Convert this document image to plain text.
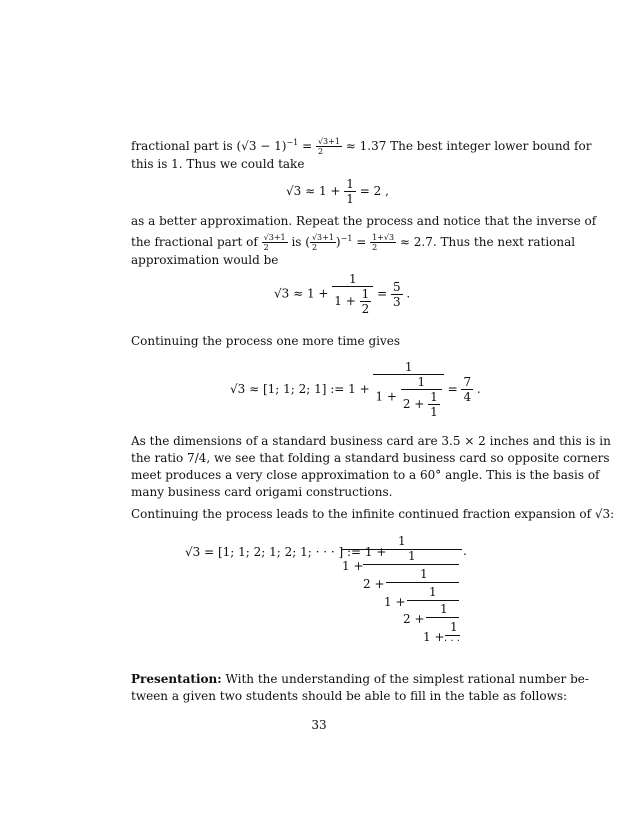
fractional part is $(√3 - 1)^{-1} = \frac{√3+1}{2} \approx 1.37$ The best integer lower bound for
this is 1. Thus we could take
$√3 \approx 1 + \frac{1}{1} = 2$ ,
as a better approximation. Repeat the process and notice that the inverse of
the fractional part of $\frac{√3+1}{2}$ is ( $\frac{√3+1}{2} )^{-1} = \frac{1+√3}{2} \approx 2.7$. Thus the next rational
approximation would be
$√3 \approx 1 + \frac{1}{1 + \frac{1}{2}} = \frac{5}{3}$ .
Continuing the process one more time gives
√3 ≈ [1; 1; 2; 1] := $1 + \frac{1}{1 + \frac{1}{2 + \frac{1}{1}}} = \frac{7}{4}$ .
As the dimensions of a standard business card are 3.5 × 2 inches and this is in
the ratio 7/4, we see that folding a standard business card so opposite corners
meet produces a very close approximation to a 60° angle. This is the basis of
many business card origami constructions.
Continuing the process leads to the infinite continued fraction expansion of √3:
√3 = [1; 1; 2; 1; 2; 1; · · · ] := 1 +
1
.
1 +
1
2 +
1
1 +
1
2 +
1
1 +
1
· · ·
Presentation: With the understanding of the simplest rational number be-
tween a given two students should be able to fill in the table as follows:
33
